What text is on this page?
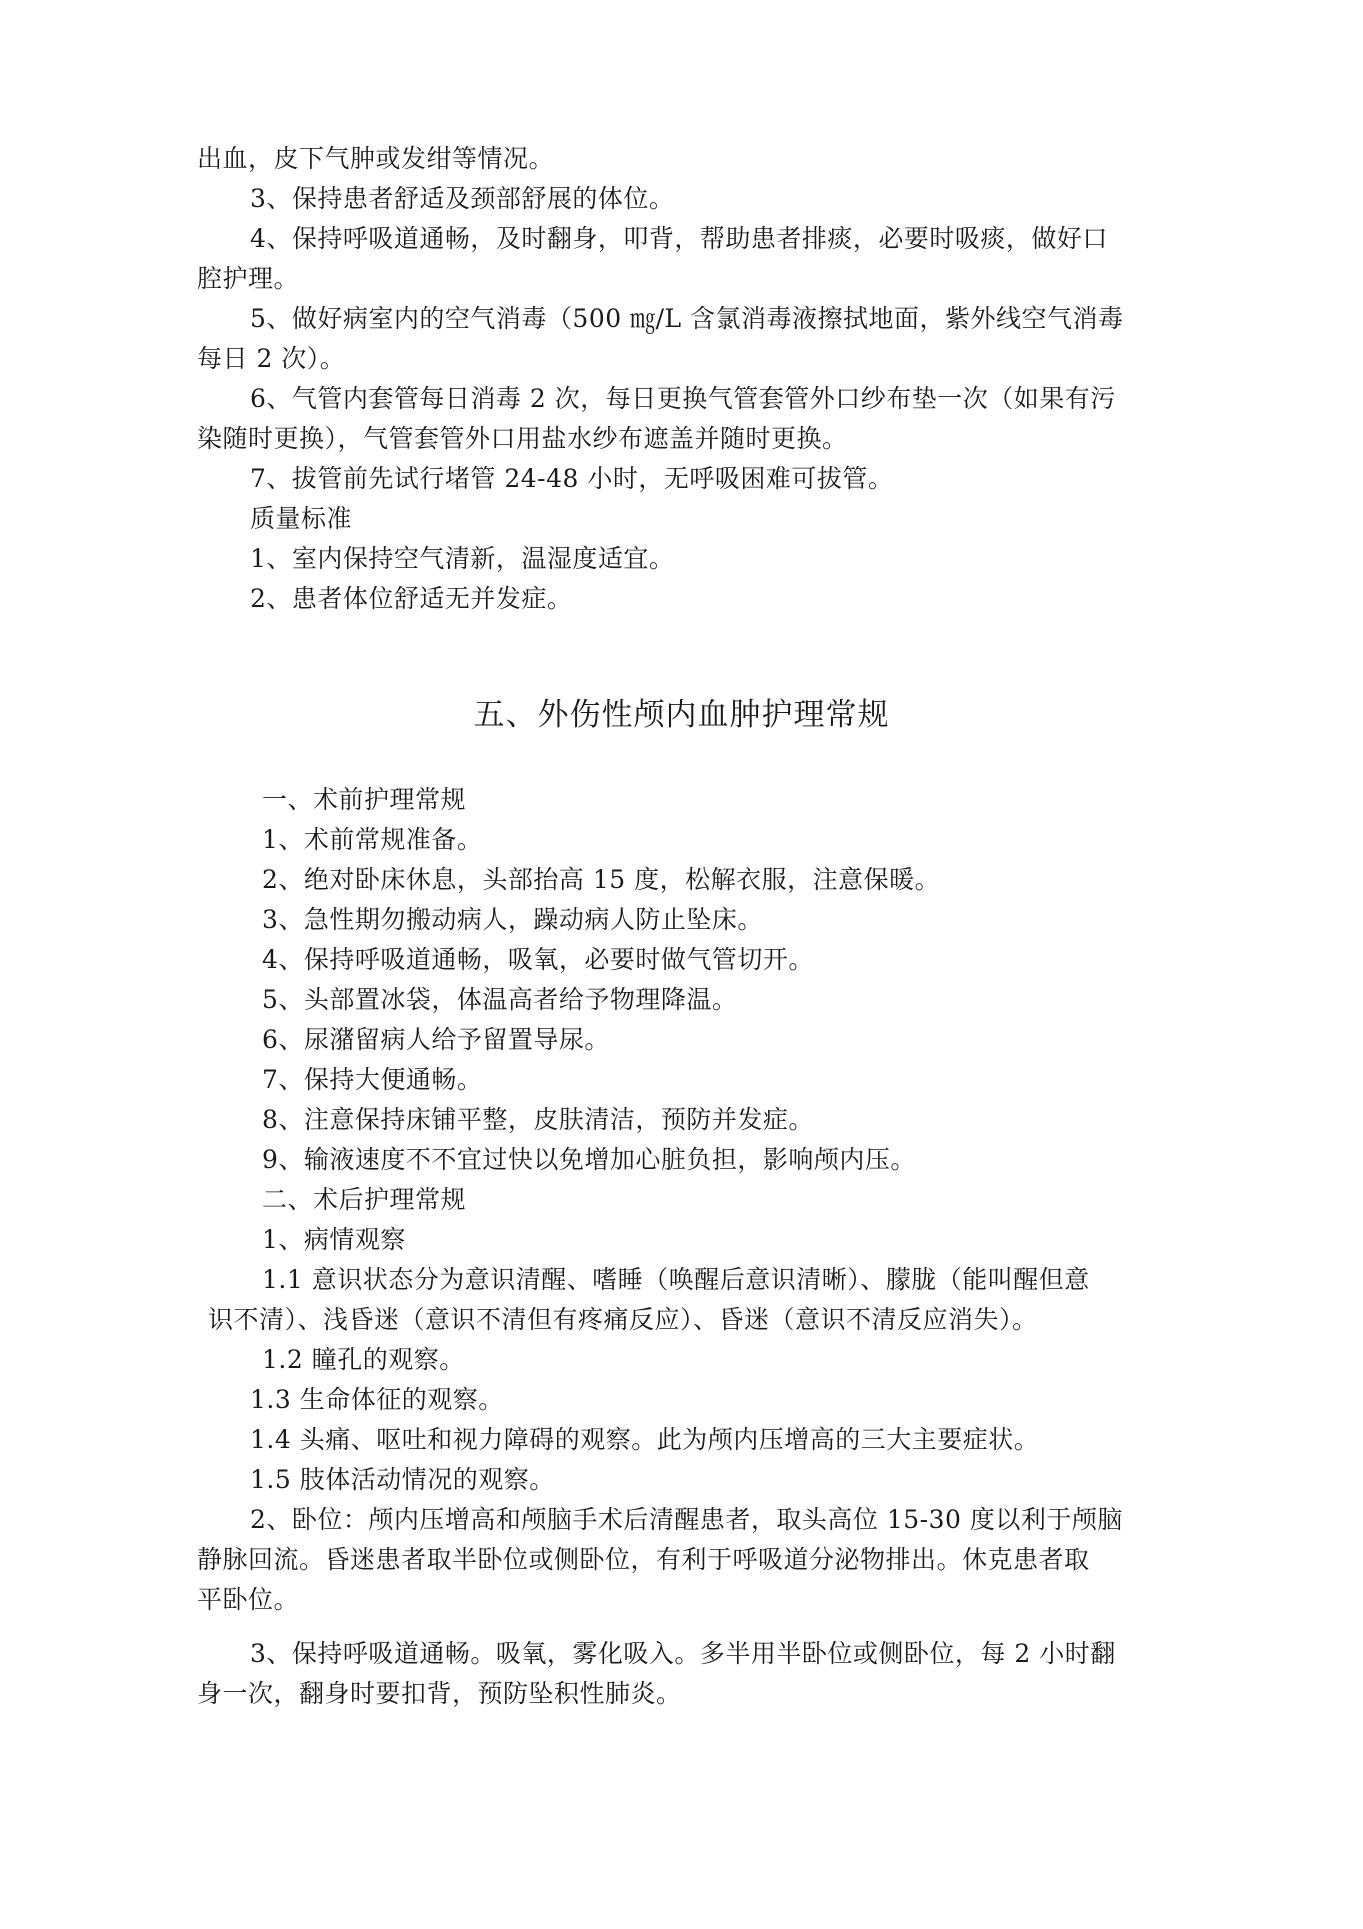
出血，皮下气肿或发绀等情况。
3、保持患者舒适及颈部舒展的体位。
4、保持呼吸道通畅，及时翻身，叩背，帮助患者排痰，必要时吸痰，做好口
腔护理。
5、做好病室内的空气消毒（500 ㎎/L 含氯消毒液擦拭地面，紫外线空气消毒
每日 2 次）。
6、气管内套管每日消毒 2 次，每日更换气管套管外口纱布垫一次（如果有污
染随时更换），气管套管外口用盐水纱布遮盖并随时更换。
7、拔管前先试行堵管 24-48 小时，无呼吸困难可拔管。
质量标准
1、室内保持空气清新，温湿度适宜。
2、患者体位舒适无并发症。
五、外伤性颅内血肿护理常规
一、术前护理常规
1、术前常规准备。
2、绝对卧床休息，头部抬高 15 度，松解衣服，注意保暖。
3、急性期勿搬动病人，躁动病人防止坠床。
4、保持呼吸道通畅，吸氧，必要时做气管切开。
5、头部置冰袋，体温高者给予物理降温。
6、尿潴留病人给予留置导尿。
7、保持大便通畅。
8、注意保持床铺平整，皮肤清洁，预防并发症。
9、输液速度不不宜过快以免增加心脏负担，影响颅内压。
二、术后护理常规
1、病情观察
1.1 意识状态分为意识清醒、嗜睡（唤醒后意识清晰）、朦胧（能叫醒但意
识不清）、浅昏迷（意识不清但有疼痛反应）、昏迷（意识不清反应消失）。
1.2 瞳孔的观察。
1.3 生命体征的观察。
1.4 头痛、呕吐和视力障碍的观察。此为颅内压增高的三大主要症状。
1.5 肢体活动情况的观察。
2、卧位：颅内压增高和颅脑手术后清醒患者，取头高位 15-30 度以利于颅脑
静脉回流。昏迷患者取半卧位或侧卧位，有利于呼吸道分泌物排出。休克患者取
平卧位。
3、保持呼吸道通畅。吸氧，雾化吸入。多半用半卧位或侧卧位，每 2 小时翻
身一次，翻身时要扣背，预防坠积性肺炎。
